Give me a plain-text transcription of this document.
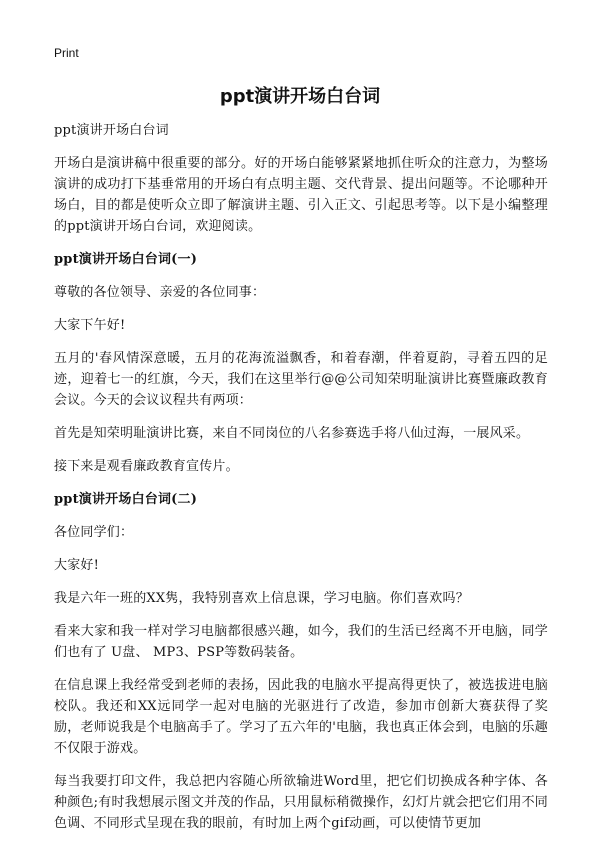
Print
ppt演讲开场白台词

ppt演讲开场白台词

开场白是演讲稿中很重要的部分。好的开场白能够紧紧地抓住听众的注意力，为整场演讲的成功打下基垂常用的开场白有点明主题、交代背景、提出问题等。不论哪种开场白，目的都是使听众立即了解演讲主题、引入正文、引起思考等。以下是小编整理的ppt演讲开场白台词，欢迎阅读。

ppt演讲开场白台词(一)

尊敬的各位领导、亲爱的各位同事：

大家下午好!

五月的'春风情深意暖，五月的花海流溢飘香，和着春潮，伴着夏韵，寻着五四的足迹，迎着七一的红旗，今天，我们在这里举行@@公司知荣明耻演讲比赛暨廉政教育会议。今天的会议议程共有两项：

首先是知荣明耻演讲比赛，来自不同岗位的八名参赛选手将八仙过海，一展风采。

接下来是观看廉政教育宣传片。

ppt演讲开场白台词(二)

各位同学们：

大家好!

我是六年一班的XX隽，我特别喜欢上信息课，学习电脑。你们喜欢吗？

看来大家和我一样对学习电脑都很感兴趣，如今，我们的生活已经离不开电脑，同学们也有了 U盘、 MP3、PSP等数码装备。

在信息课上我经常受到老师的表扬，因此我的电脑水平提高得更快了，被选拔进电脑校队。我还和XX远同学一起对电脑的光驱进行了改造，参加市创新大赛获得了奖励，老师说我是个电脑高手了。学习了五六年的'电脑，我也真正体会到，电脑的乐趣不仅限于游戏。

每当我要打印文件，我总把内容随心所欲输进Word里，把它们切换成各种字体、各种颜色;有时我想展示图文并茂的作品，只用鼠标稍微操作，幻灯片就会把它们用不同色调、不同形式呈现在我的眼前，有时加上两个gif动画，可以使情节更加
